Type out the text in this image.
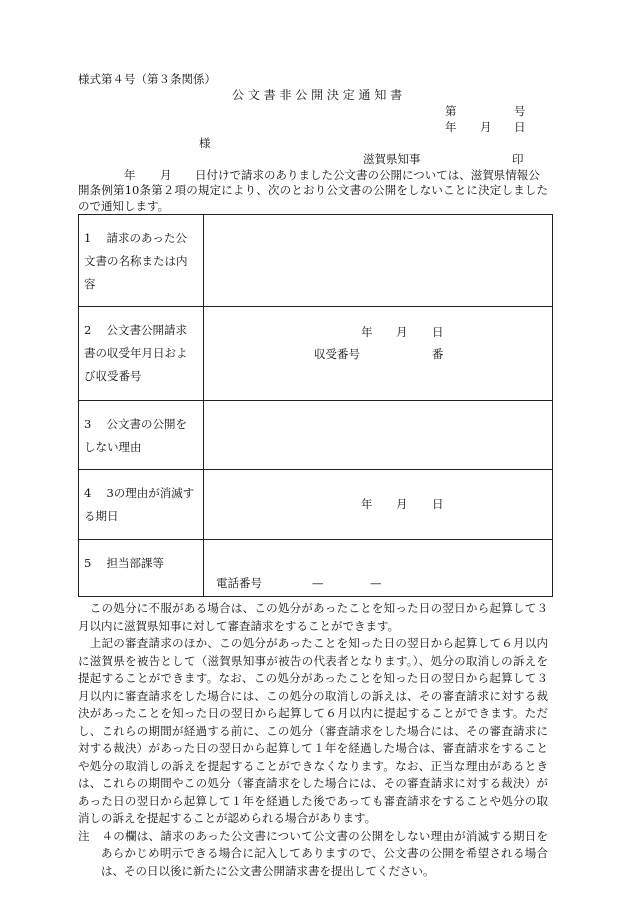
様式第４号（第３条関係）
公 文 書 非 公 開 決 定 通 知 書
第	号
年 月 日
様
滋賀県知事	印
年 月 日付けで請求のありました公文書の公開については、滋賀県情報公
開条例第10条第２項の規定により、次のとおり公文書の公開をしないことに決定しましたので通知します。
1　 請求のあった公文書の名称または内容	

2　 公文書公開請求書の収受年月日および収受番号	年 月 日
収受番号 番

3　 公文書の公開をしない理由	

4　 3の理由が消滅する期日	年 月 日

5　 担当部課等	電話番号 — —

　この処分に不服がある場合は、この処分があったことを知った日の翌日から起算して３月以内に滋賀県知事に対して審査請求をすることができます。

　上記の審査請求のほか、この処分があったことを知った日の翌日から起算して６月以内に滋賀県を被告として（滋賀県知事が被告の代表者となります。）、処分の取消しの訴えを提起することができます。なお、この処分があったことを知った日の翌日から起算して３月以内に審査請求をした場合には、この処分の取消しの訴えは、その審査請求に対する裁決があったことを知った日の翌日から起算して６月以内に提起することができます。ただし、これらの期間が経過する前に、この処分（審査請求をした場合には、その審査請求に対する裁決）があった日の翌日から起算して１年を経過した場合は、審査請求をすることや処分の取消しの訴えを提起することができなくなります。なお、正当な理由があるときは、これらの期間やこの処分（審査請求をした場合には、その審査請求に対する裁決）があった日の翌日から起算して１年を経過した後であっても審査請求をすることや処分の取消しの訴えを提起することが認められる場合があります。

注　４の欄は、請求のあった公文書について公文書の公開をしない理由が消滅する期日をあらかじめ明示できる場合に記入してありますので、公文書の公開を希望される場合は、その日以後に新たに公文書公開請求書を提出してください。
